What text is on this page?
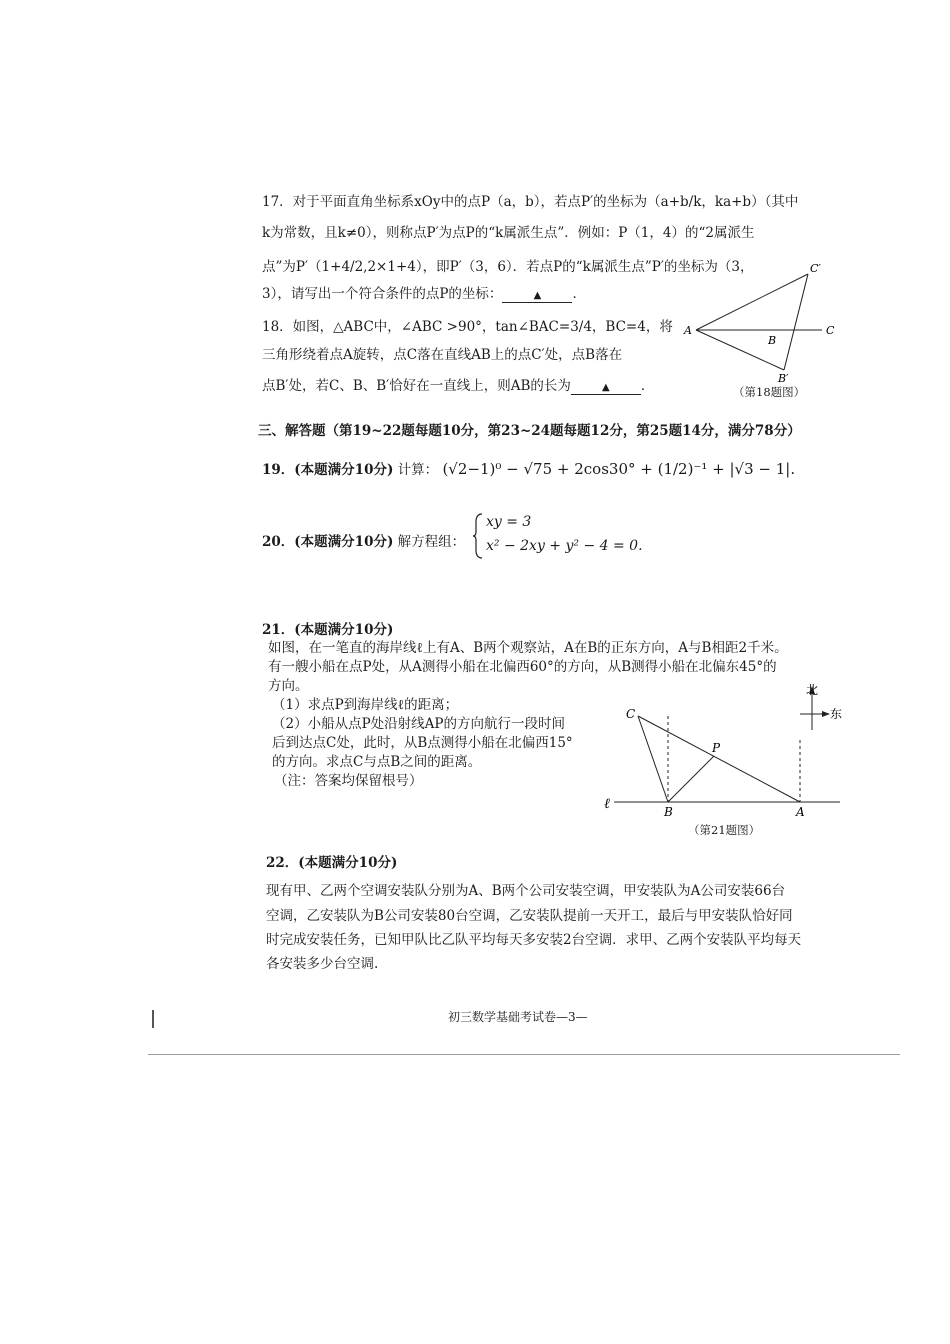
17．对于平面直角坐标系xOy中的点P（a，b），若点P′的坐标为（a+b/k，ka+b）（其中
k为常数，且k≠0），则称点P′为点P的“k属派生点”．例如：P（1，4）的“2属派生
点”为P′（1+4/2,2×1+4），即P′（3，6）．若点P的“k属派生点”P′的坐标为（3，
3），请写出一个符合条件的点P的坐标：	▲ ．
18．如图，△ABC中，∠ABC >90°，tan∠BAC=3/4，BC=4，将
三角形绕着点A旋转，点C落在直线AB上的点C′处，点B落在
点B′处，若C、B、B′恰好在一直线上，则AB的长为	▲ ．
A
B
C
C′
B′
（第18题图）
三、解答题（第19~22题每题10分，第23~24题每题12分，第25题14分，满分78分）
19．(本题满分10分) 计算： (√2−1)⁰ − √75 + 2cos30° + (1/2)⁻¹ + |√3 − 1|.
20．(本题满分10分) 解方程组：
xy = 3
x² − 2xy + y² − 4 = 0.
21．(本题满分10分)
如图，在一笔直的海岸线ℓ上有A、B两个观察站，A在B的正东方向，A与B相距2千米。
有一艘小船在点P处，从A测得小船在北偏西60°的方向，从B测得小船在北偏东45°的
方向。
（1）求点P到海岸线ℓ的距离；
（2）小船从点P处沿射线AP的方向航行一段时间
后到达点C处，此时，从B点测得小船在北偏西15°
的方向。求点C与点B之间的距离。
（注：答案均保留根号）
北
东
C
P
ℓ	B	A
（第21题图）
22．(本题满分10分)
现有甲、乙两个空调安装队分别为A、B两个公司安装空调，甲安装队为A公司安装66台
空调，乙安装队为B公司安装80台空调，乙安装队提前一天开工，最后与甲安装队恰好同
时完成安装任务，已知甲队比乙队平均每天多安装2台空调．求甲、乙两个安装队平均每天
各安装多少台空调.
初三数学基础考试卷—3—
